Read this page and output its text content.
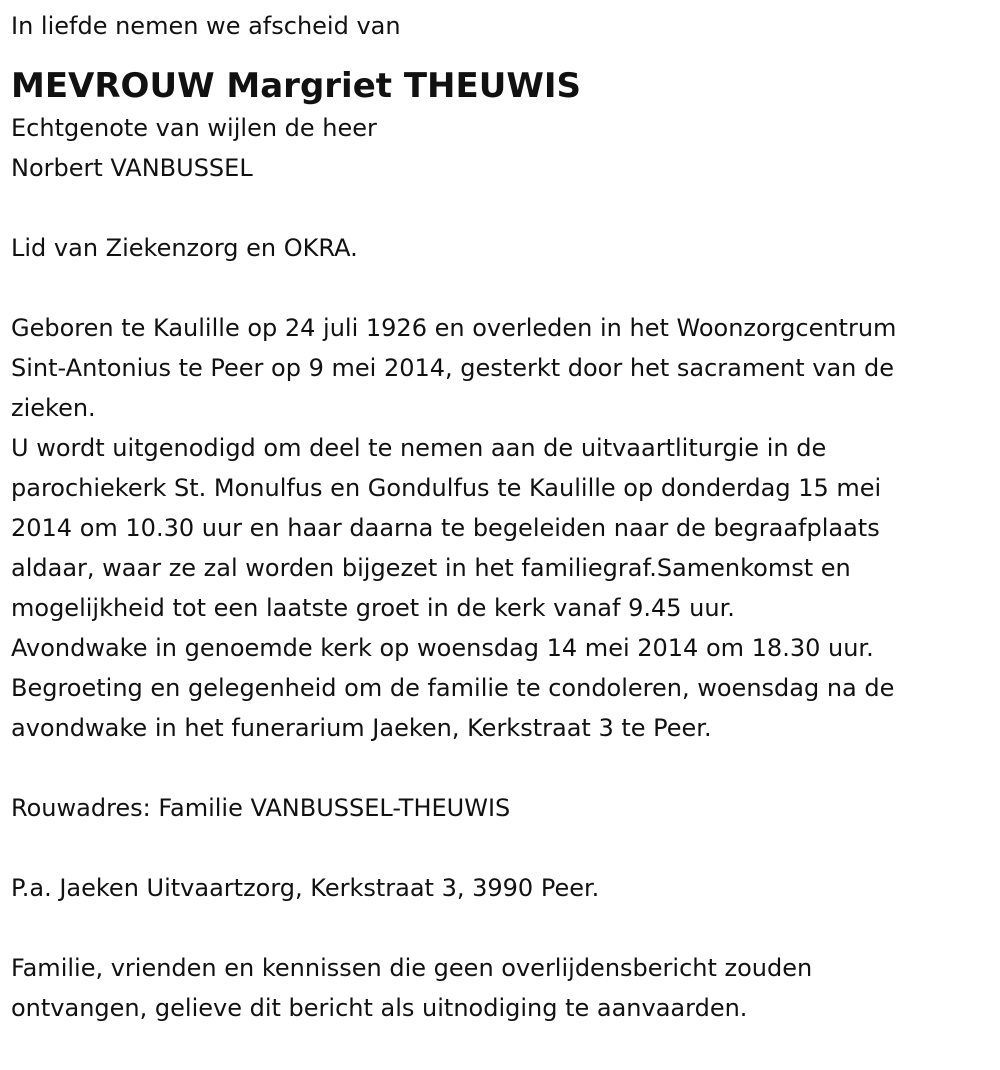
In liefde nemen we afscheid van

MEVROUW Margriet THEUWIS

Echtgenote van wijlen de heer

Norbert VANBUSSEL

Lid van Ziekenzorg en OKRA.

Geboren te Kaulille op 24 juli 1926 en overleden in het Woonzorgcentrum

Sint-Antonius te Peer op 9 mei 2014, gesterkt door het sacrament van de

zieken.

U wordt uitgenodigd om deel te nemen aan de uitvaartliturgie in de

parochiekerk St. Monulfus en Gondulfus te Kaulille op donderdag 15 mei

2014 om 10.30 uur en haar daarna te begeleiden naar de begraafplaats

aldaar, waar ze zal worden bijgezet in het familiegraf.Samenkomst en

mogelijkheid tot een laatste groet in de kerk vanaf 9.45 uur.

Avondwake in genoemde kerk op woensdag 14 mei 2014 om 18.30 uur.

Begroeting en gelegenheid om de familie te condoleren, woensdag na de

avondwake in het funerarium Jaeken, Kerkstraat 3 te Peer.

Rouwadres: Familie VANBUSSEL-THEUWIS

P.a. Jaeken Uitvaartzorg, Kerkstraat 3, 3990 Peer.

Familie, vrienden en kennissen die geen overlijdensbericht zouden

ontvangen, gelieve dit bericht als uitnodiging te aanvaarden.
